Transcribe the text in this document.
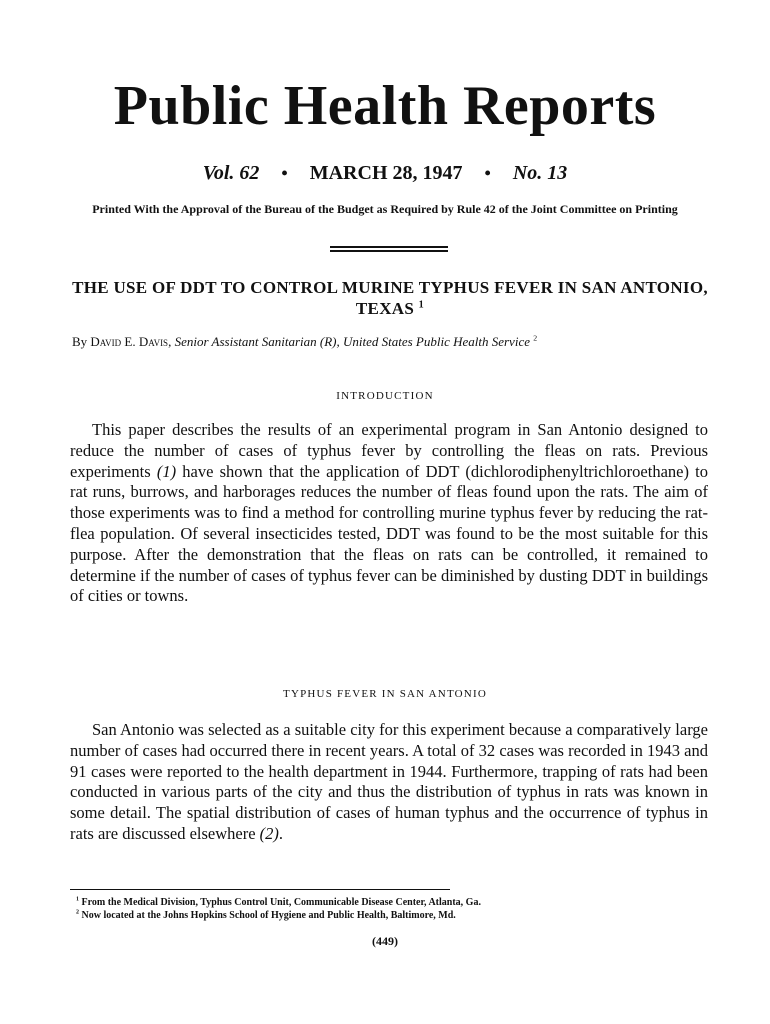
Public Health Reports
Vol. 62 • MARCH 28, 1947 • No. 13
Printed With the Approval of the Bureau of the Budget as Required by Rule 42 of the Joint Committee on Printing
THE USE OF DDT TO CONTROL MURINE TYPHUS FEVER IN SAN ANTONIO, TEXAS $^1$
By David E. Davis, Senior Assistant Sanitarian (R), United States Public Health Service $^2$
INTRODUCTION

This paper describes the results of an experimental program in San Antonio designed to reduce the number of cases of typhus fever by controlling the fleas on rats. Previous experiments (1) have shown that the application of DDT (dichlorodiphenyltrichloroethane) to rat runs, burrows, and harborages reduces the number of fleas found upon the rats. The aim of those experiments was to find a method for controlling murine typhus fever by reducing the rat-flea population. Of several insecticides tested, DDT was found to be the most suitable for this purpose. After the demonstration that the fleas on rats can be controlled, it remained to determine if the number of cases of typhus fever can be diminished by dusting DDT in buildings of cities or towns.

TYPHUS FEVER IN SAN ANTONIO

San Antonio was selected as a suitable city for this experiment because a comparatively large number of cases had occurred there in recent years. A total of 32 cases was recorded in 1943 and 91 cases were reported to the health department in 1944. Furthermore, trapping of rats had been conducted in various parts of the city and thus the distribution of typhus in rats was known in some detail. The spatial distribution of cases of human typhus and the occurrence of typhus in rats are discussed elsewhere (2).

$^1$ From the Medical Division, Typhus Control Unit, Communicable Disease Center, Atlanta, Ga.
$^2$ Now located at the Johns Hopkins School of Hygiene and Public Health, Baltimore, Md.
(449)
